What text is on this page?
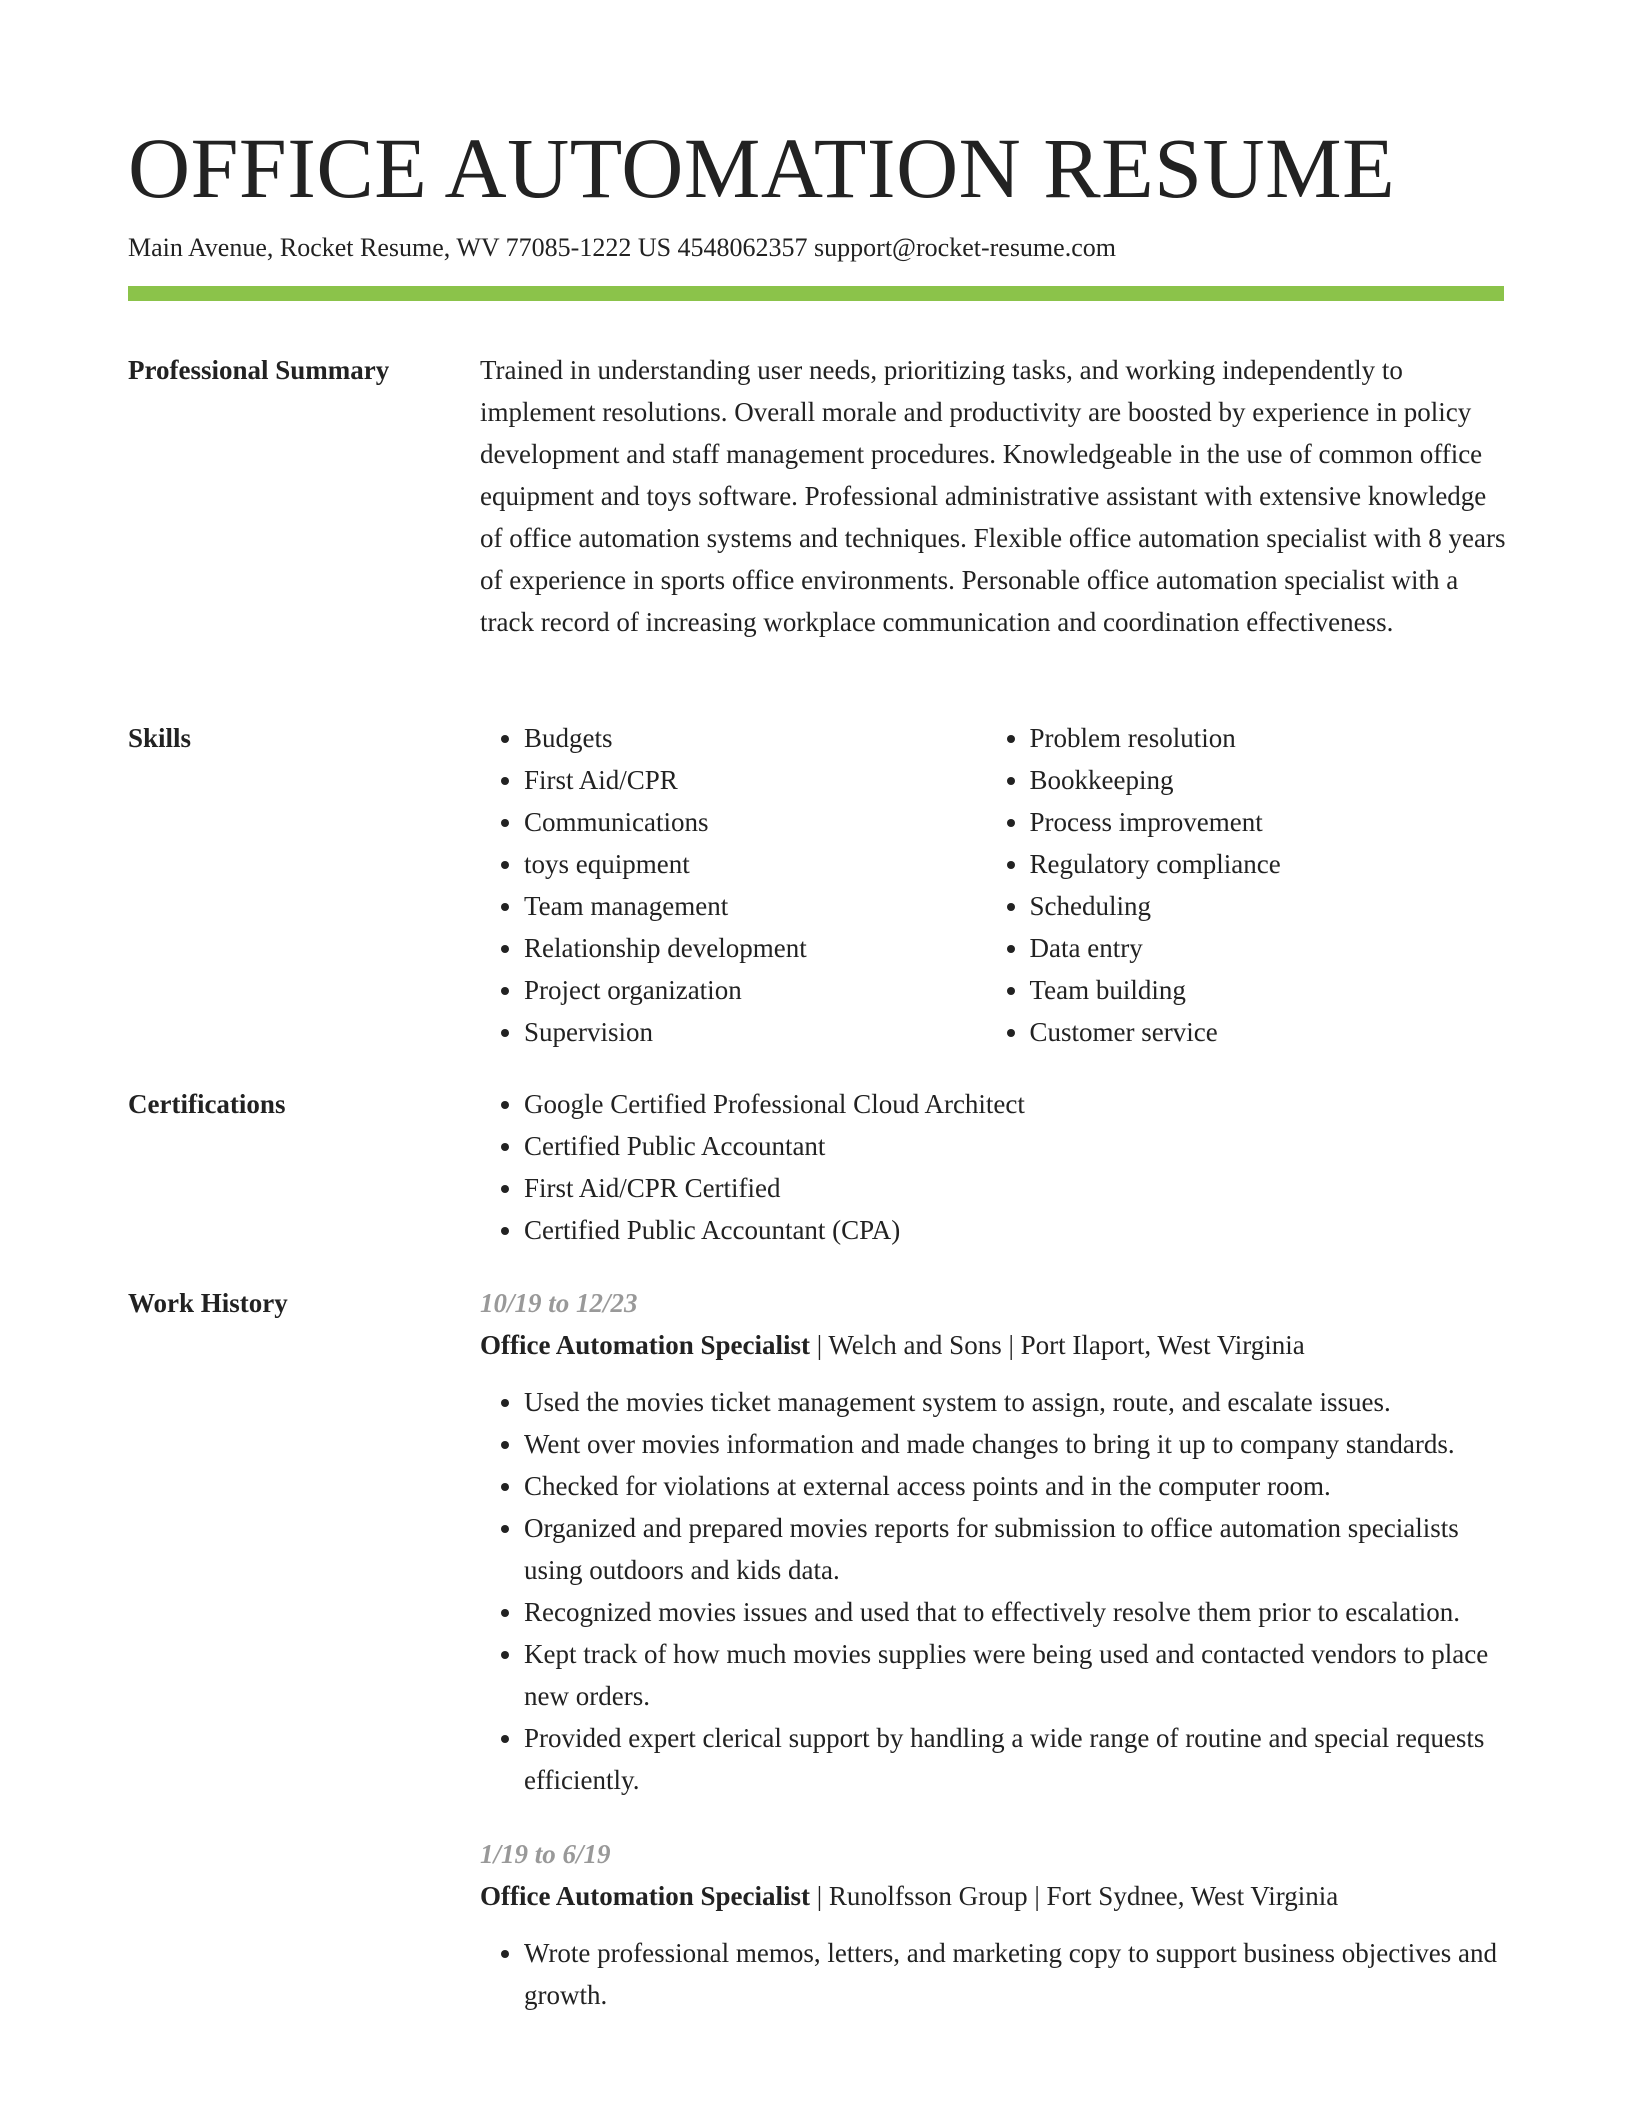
OFFICE AUTOMATION RESUME
Main Avenue, Rocket Resume, WV 77085-1222 US 4548062357 support@rocket-resume.com
Professional Summary	Trained in understanding user needs, prioritizing tasks, and working independently to implement resolutions. Overall morale and productivity are boosted by experience in policy development and staff management procedures. Knowledgeable in the use of common office equipment and toys software. Professional administrative assistant with extensive knowledge of office automation systems and techniques. Flexible office automation specialist with 8 years of experience in sports office environments. Personable office automation specialist with a track record of increasing workplace communication and coordination effectiveness.

Skills	• Budgets
• First Aid/CPR
• Communications
• toys equipment
• Team management
• Relationship development
• Project organization
• Supervision
• Problem resolution
• Bookkeeping
• Process improvement
• Regulatory compliance
• Scheduling
• Data entry
• Team building
• Customer service
Certifications	• Google Certified Professional Cloud Architect
• Certified Public Accountant
• First Aid/CPR Certified
• Certified Public Accountant (CPA)
Work History	10/19 to 12/23
Office Automation Specialist | Welch and Sons | Port Ilaport, West Virginia
• Used the movies ticket management system to assign, route, and escalate issues.
• Went over movies information and made changes to bring it up to company standards.
• Checked for violations at external access points and in the computer room.
• Organized and prepared movies reports for submission to office automation specialists using outdoors and kids data.
• Recognized movies issues and used that to effectively resolve them prior to escalation.
• Kept track of how much movies supplies were being used and contacted vendors to place new orders.
• Provided expert clerical support by handling a wide range of routine and special requests efficiently.
1/19 to 6/19
Office Automation Specialist | Runolfsson Group | Fort Sydnee, West Virginia
• Wrote professional memos, letters, and marketing copy to support business objectives and growth.
